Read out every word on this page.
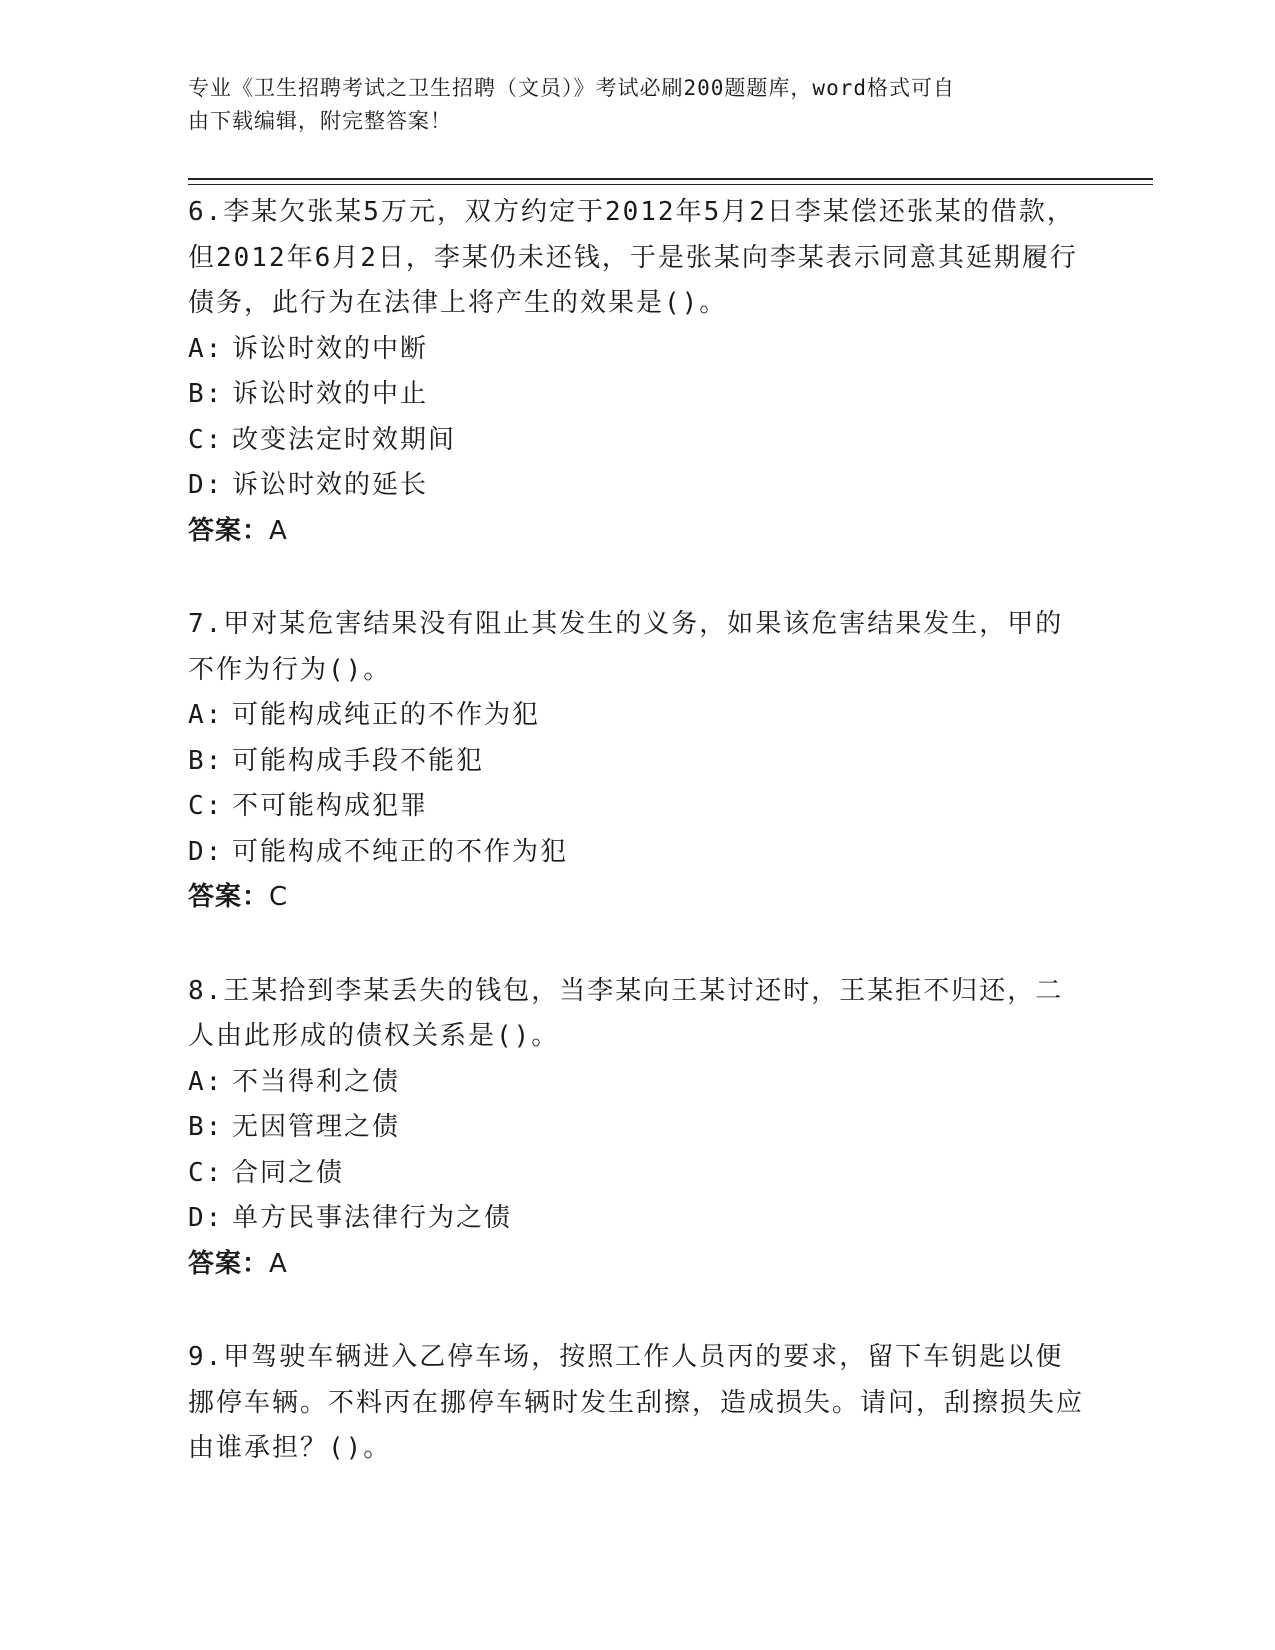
专业《卫生招聘考试之卫生招聘（文员）》考试必刷200题题库，word格式可自
由下载编辑，附完整答案！
6.李某欠张某5万元，双方约定于2012年5月2日李某偿还张某的借款，但2012年6月2日，李某仍未还钱，于是张某向李某表示同意其延期履行债务，此行为在法律上将产生的效果是()。
A: 诉讼时效的中断
B: 诉讼时效的中止
C: 改变法定时效期间
D: 诉讼时效的延长
答案：A
7.甲对某危害结果没有阻止其发生的义务，如果该危害结果发生，甲的不作为行为()。
A: 可能构成纯正的不作为犯
B: 可能构成手段不能犯
C: 不可能构成犯罪
D: 可能构成不纯正的不作为犯
答案：C
8.王某拾到李某丢失的钱包，当李某向王某讨还时，王某拒不归还，二人由此形成的债权关系是()。
A: 不当得利之债
B: 无因管理之债
C: 合同之债
D: 单方民事法律行为之债
答案：A
9.甲驾驶车辆进入乙停车场，按照工作人员丙的要求，留下车钥匙以便挪停车辆。不料丙在挪停车辆时发生刮擦，造成损失。请问，刮擦损失应由谁承担？()。
